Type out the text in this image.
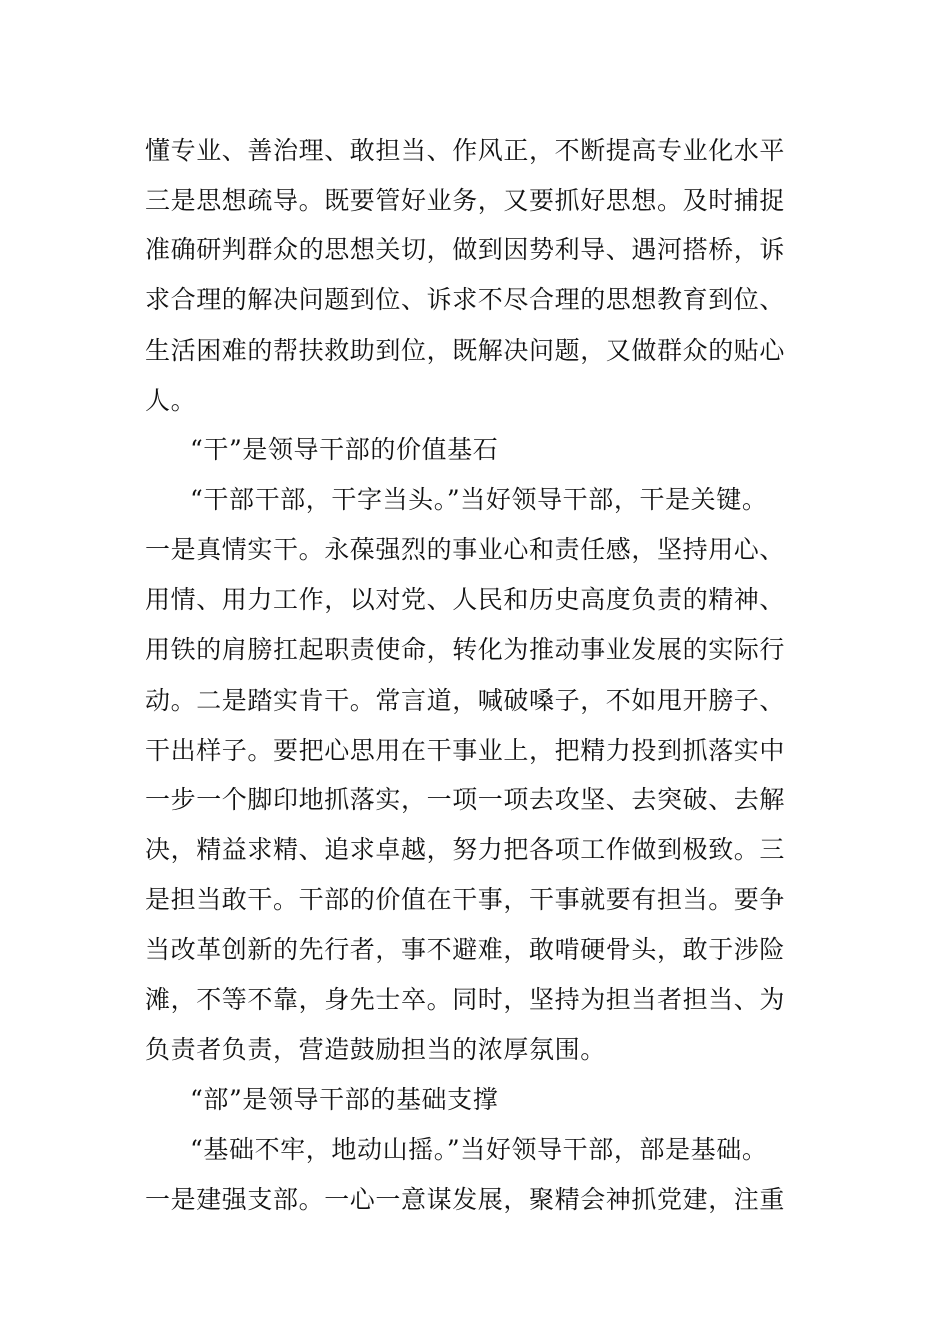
懂专业、善治理、敢担当、作风正，不断提高专业化水平
三是思想疏导。既要管好业务，又要抓好思想。及时捕捉
准确研判群众的思想关切，做到因势利导、遇河搭桥，诉
求合理的解决问题到位、诉求不尽合理的思想教育到位、
生活困难的帮扶救助到位，既解决问题，又做群众的贴心
人。
“干”是领导干部的价值基石
“干部干部，干字当头。”当好领导干部，干是关键。
一是真情实干。永葆强烈的事业心和责任感，坚持用心、
用情、用力工作，以对党、人民和历史高度负责的精神、
用铁的肩膀扛起职责使命，转化为推动事业发展的实际行
动。二是踏实肯干。常言道，喊破嗓子，不如甩开膀子、
干出样子。要把心思用在干事业上，把精力投到抓落实中
一步一个脚印地抓落实，一项一项去攻坚、去突破、去解
决，精益求精、追求卓越，努力把各项工作做到极致。三
是担当敢干。干部的价值在干事，干事就要有担当。要争
当改革创新的先行者，事不避难，敢啃硬骨头，敢于涉险
滩，不等不靠，身先士卒。同时，坚持为担当者担当、为
负责者负责，营造鼓励担当的浓厚氛围。
“部”是领导干部的基础支撑
“基础不牢，地动山摇。”当好领导干部，部是基础。
一是建强支部。一心一意谋发展，聚精会神抓党建，注重
